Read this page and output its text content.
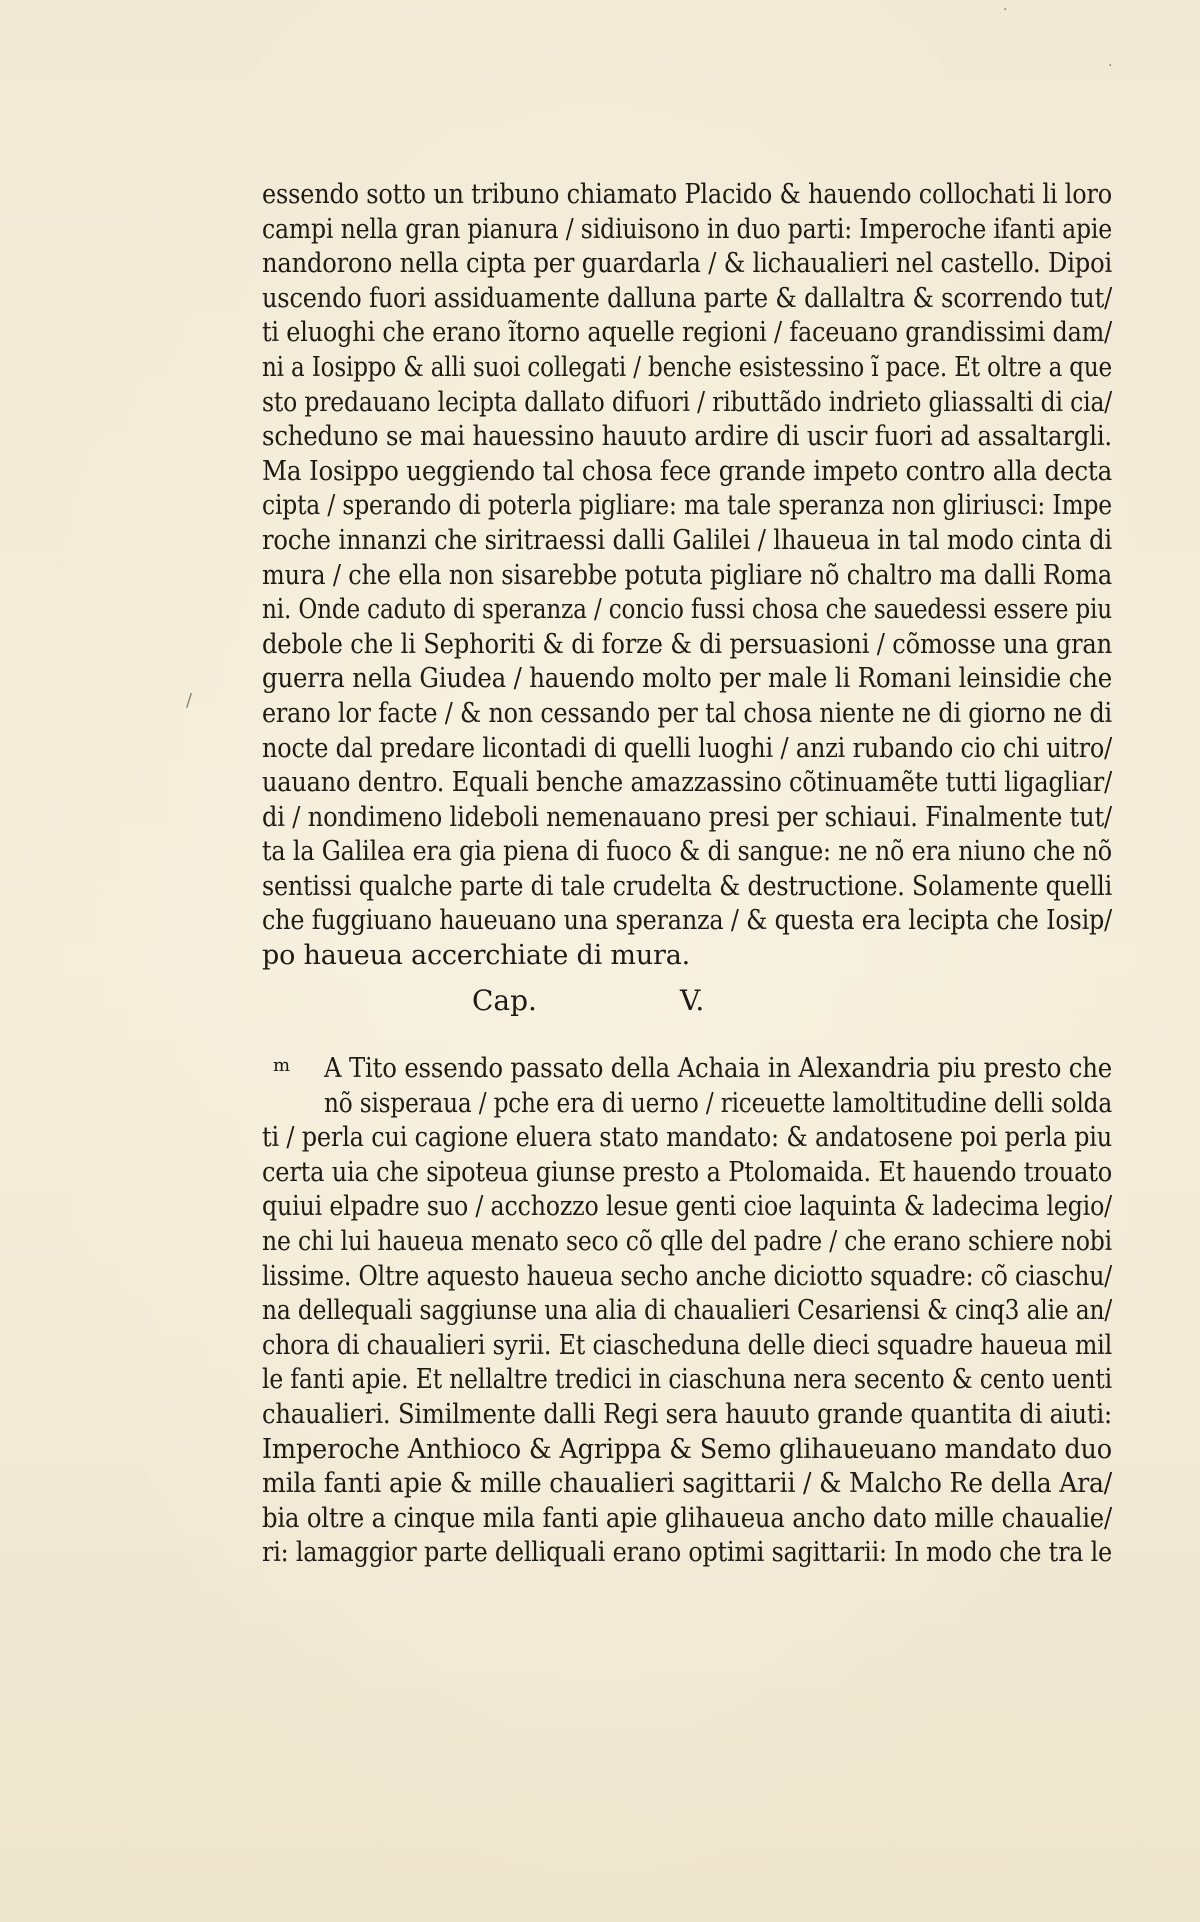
·
·
/
essendo sotto un tribuno chiamato Placido & hauendo collochati li loro
campi nella gran pianura / sidiuisono in duo parti: Imperoche ifanti apie
nandorono nella cipta per guardarla / & lichaualieri nel castello. Dipoi
uscendo fuori assiduamente dalluna parte & dallaltra & scorrendo tut/
ti eluoghi che erano ĩtorno aquelle regioni / faceuano grandissimi dam/
ni a Iosippo & alli suoi collegati / benche esistessino ĩ pace. Et oltre a que
sto predauano lecipta dallato difuori / ributtãdo indrieto gliassalti di cia/
scheduno se mai hauessino hauuto ardire di uscir fuori ad assaltargli.
Ma Iosippo ueggiendo tal chosa fece grande impeto contro alla decta
cipta / sperando di poterla pigliare: ma tale speranza non gliriusci: Impe
roche innanzi che siritraessi dalli Galilei / lhaueua in tal modo cinta di
mura / che ella non sisarebbe potuta pigliare nõ chaltro ma dalli Roma
ni. Onde caduto di speranza / concio fussi chosa che sauedessi essere piu
debole che li Sephoriti & di forze & di persuasioni / cõmosse una gran
guerra nella Giudea / hauendo molto per male li Romani leinsidie che
erano lor facte / & non cessando per tal chosa niente ne di giorno ne di
nocte dal predare licontadi di quelli luoghi / anzi rubando cio chi uitro/
uauano dentro. Equali benche amazzassino cõtinuamẽte tutti ligagliar/
di / nondimeno lideboli nemenauano presi per schiaui. Finalmente tut/
ta la Galilea era gia piena di fuoco & di sangue: ne nõ era niuno che nõ
sentissi qualche parte di tale crudelta & destructione. Solamente quelli
che fuggiuano haueuano una speranza / & questa era lecipta che Iosip/
po haueua accerchiate di mura.
Cap.	V.
m	A Tito essendo passato della Achaia in Alexandria piu presto che
nõ sisperaua / pche era di uerno / riceuette lamoltitudine delli solda
ti / perla cui cagione eluera stato mandato: & andatosene poi perla piu
certa uia che sipoteua giunse presto a Ptolomaida. Et hauendo trouato
quiui elpadre suo / acchozzo lesue genti cioe laquinta & ladecima legio/
ne chi lui haueua menato seco cõ qlle del padre / che erano schiere nobi
lissime. Oltre aquesto haueua secho anche diciotto squadre: cõ ciaschu/
na dellequali saggiunse una alia di chaualieri Cesariensi & cinq3 alie an/
chora di chaualieri syrii. Et ciascheduna delle dieci squadre haueua mil
le fanti apie. Et nellaltre tredici in ciaschuna nera secento & cento uenti
chaualieri. Similmente dalli Regi sera hauuto grande quantita di aiuti:
Imperoche Anthioco & Agrippa & Semo glihaueuano mandato duo
mila fanti apie & mille chaualieri sagittarii / & Malcho Re della Ara/
bia oltre a cinque mila fanti apie glihaueua ancho dato mille chaualie/
ri: lamaggior parte delliquali erano optimi sagittarii: In modo che tra le
